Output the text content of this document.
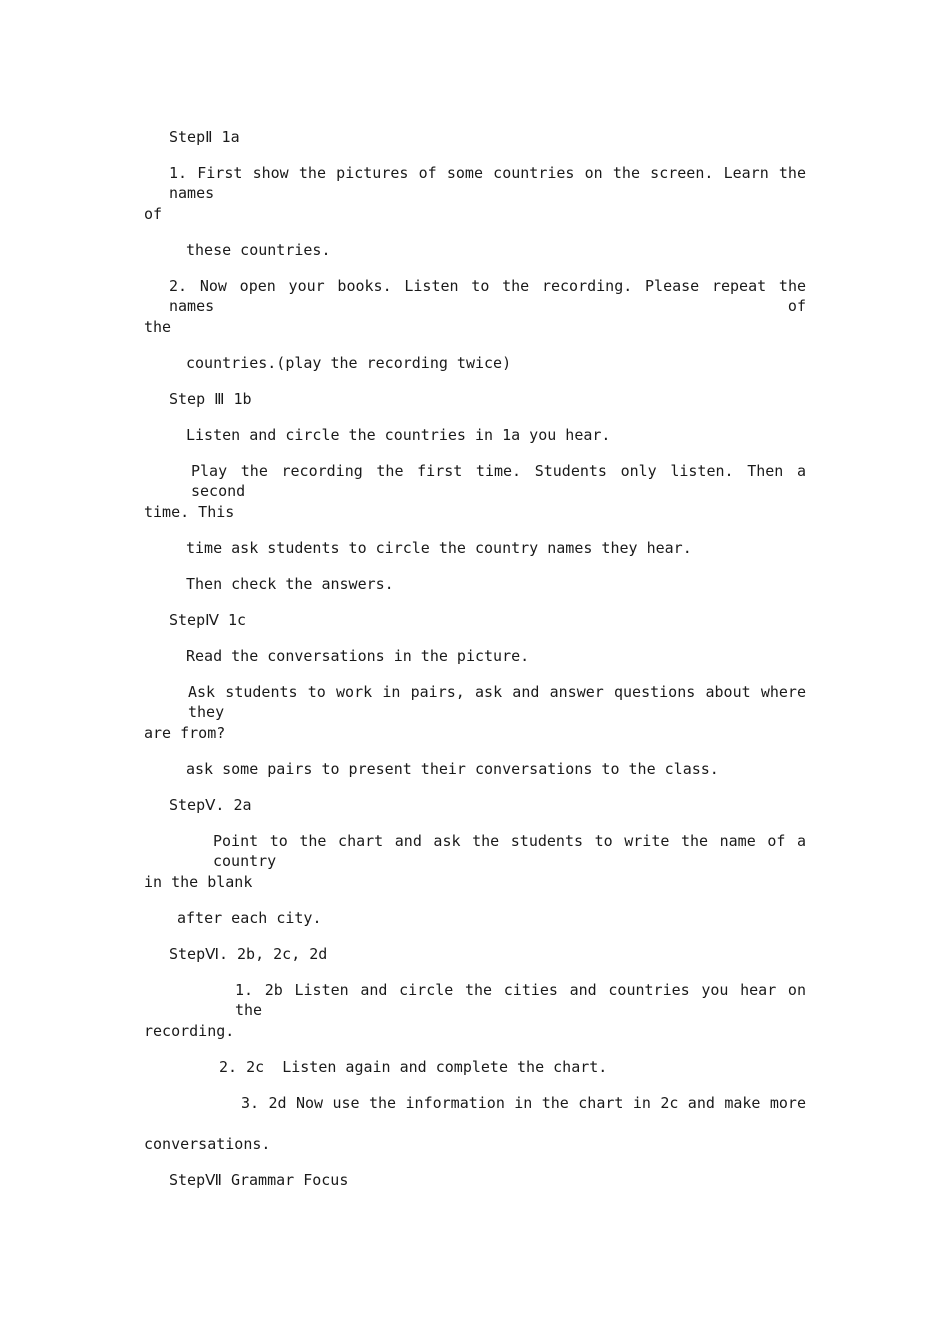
StepⅡ 1a

1. First show the pictures of some countries on the screen. Learn the names

of

these countries.

2. Now open your books. Listen to the recording. Please repeat the names of

the

countries.(play the recording twice)

Step Ⅲ 1b

Listen and circle the countries in 1a you hear.

Play the recording the first time. Students only listen. Then a second

time. This

time ask students to circle the country names they hear.

Then check the answers.

StepⅣ 1c

Read the conversations in the picture.

Ask students to work in pairs, ask and answer questions about where they

are from?

ask some pairs to present their conversations to the class.

StepⅤ. 2a

Point to the chart and ask the students to write the name of a country

in the blank

after each city.

StepⅥ. 2b, 2c, 2d

1. 2b Listen and circle the cities and countries you hear on the

recording.

2. 2c  Listen again and complete the chart.

3. 2d Now use the information in the chart in 2c and make more

conversations.

StepⅦ Grammar Focus
